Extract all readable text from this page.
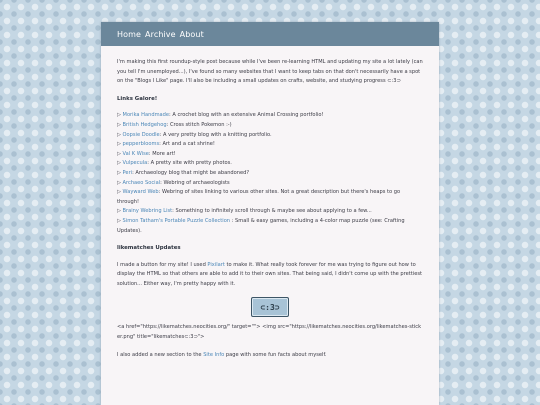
Home Archive About

I'm making this first roundup-style post because while I've been re-learning HTML and updating my site a lot lately (can you tell I'm unemployed...), I've found so many websites that I want to keep tabs on that don't necessarily have a spot on the "Blogs I Like" page. I'll also be including a small updates on crafts, website, and studying progress ⊂:3⊃

Links Galore!
▷ Morika Handmade: A crochet blog with an extensive Animal Crossing portfolio!
▷ British Hedgehog: Cross stitch Pokemon :-)
▷ Oopsie Doodle: A very pretty blog with a knitting portfolio.
▷ pepperblooms: Art and a cat shrine!
▷ Val K Wise: More art!
▷ Vulpecula: A pretty site with pretty photos.
▷ Peri: Archaeology blog that might be abandoned?
▷ Archaeo Social: Webring of archaeologists
▷ Wayward Web: Webring of sites linking to various other sites. Not a great description but there's heaps to go through!
▷ Brainy Webring List: Something to infinitely scroll through & maybe see about applying to a few...
▷ Simon Tatham's Portable Puzzle Collection : Small & easy games, including a 4-color map puzzle (see: Crafting Updates).
likematches Updates

I made a button for my site! I used Pixilart to make it. What really took forever for me was trying to figure out how to display the HTML so that others are able to add it to their own sites. That being said, I didn't come up with the prettiest solution... Either way, I'm pretty happy with it.

⊂:3⊃

<a href="https://likematches.neocities.org/" target=""> <img src="https://likematches.neocities.org/likematches-sticker.png" title="likematches⊂:3⊃">

I also added a new section to the Site Info page with some fun facts about myself.
